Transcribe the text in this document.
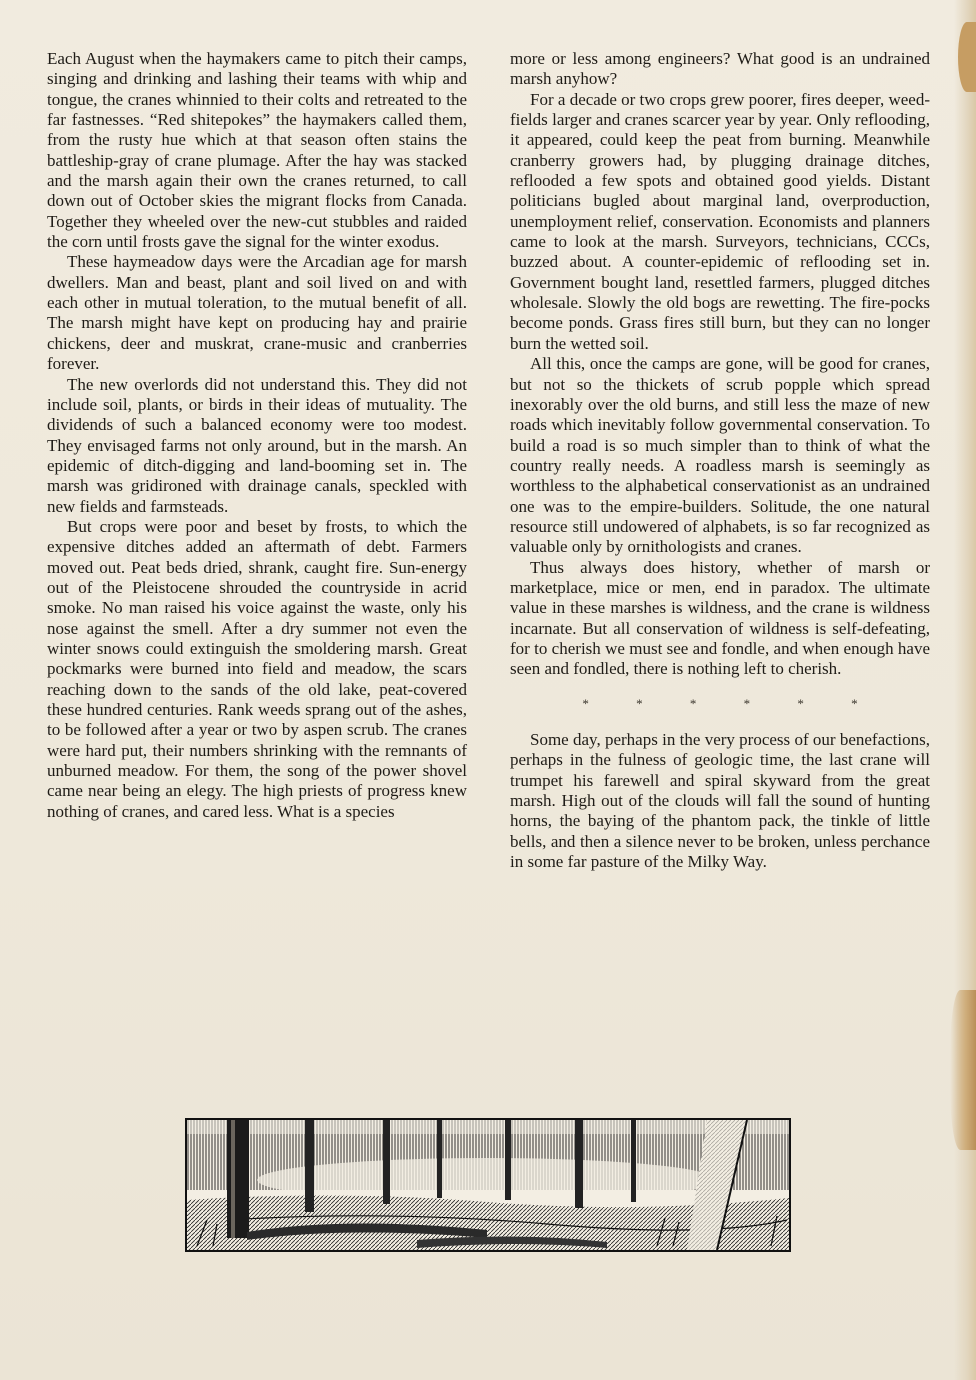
Each August when the haymakers came to pitch their camps, singing and drinking and lashing their teams with whip and tongue, the cranes whinnied to their colts and retreated to the far fastnesses. “Red shitepokes” the haymakers called them, from the rusty hue which at that season often stains the battleship-gray of crane plumage. After the hay was stacked and the marsh again their own the cranes returned, to call down out of October skies the migrant flocks from Canada. Together they wheeled over the new-cut stubbles and raided the corn until frosts gave the signal for the winter exodus.

These haymeadow days were the Arcadian age for marsh dwellers. Man and beast, plant and soil lived on and with each other in mutual toleration, to the mutual benefit of all. The marsh might have kept on producing hay and prairie chickens, deer and muskrat, crane-music and cranberries forever.

The new overlords did not understand this. They did not include soil, plants, or birds in their ideas of mutuality. The dividends of such a balanced economy were too modest. They envisaged farms not only around, but in the marsh. An epidemic of ditch-digging and land-booming set in. The marsh was gridironed with drainage canals, speckled with new fields and farmsteads.

But crops were poor and beset by frosts, to which the expensive ditches added an aftermath of debt. Farmers moved out. Peat beds dried, shrank, caught fire. Sun-energy out of the Pleistocene shrouded the countryside in acrid smoke. No man raised his voice against the waste, only his nose against the smell. After a dry summer not even the winter snows could extinguish the smoldering marsh. Great pockmarks were burned into field and meadow, the scars reaching down to the sands of the old lake, peat-covered these hundred centuries. Rank weeds sprang out of the ashes, to be followed after a year or two by aspen scrub. The cranes were hard put, their numbers shrinking with the remnants of unburned meadow. For them, the song of the power shovel came near being an elegy. The high priests of progress knew nothing of cranes, and cared less. What is a species

more or less among engineers? What good is an undrained marsh anyhow?

For a decade or two crops grew poorer, fires deeper, weed-fields larger and cranes scarcer year by year. Only reflooding, it appeared, could keep the peat from burning. Meanwhile cranberry growers had, by plugging drainage ditches, reflooded a few spots and obtained good yields. Distant politicians bugled about marginal land, overproduction, unemployment relief, conservation. Economists and planners came to look at the marsh. Surveyors, technicians, CCCs, buzzed about. A counter-epidemic of reflooding set in. Government bought land, resettled farmers, plugged ditches wholesale. Slowly the old bogs are rewetting. The fire-pocks become ponds. Grass fires still burn, but they can no longer burn the wetted soil.

All this, once the camps are gone, will be good for cranes, but not so the thickets of scrub popple which spread inexorably over the old burns, and still less the maze of new roads which inevitably follow governmental conservation. To build a road is so much simpler than to think of what the country really needs. A roadless marsh is seemingly as worthless to the alphabetical conservationist as an undrained one was to the empire-builders. Solitude, the one natural resource still undowered of alphabets, is so far recognized as valuable only by ornithologists and cranes.

Thus always does history, whether of marsh or marketplace, mice or men, end in paradox. The ultimate value in these marshes is wildness, and the crane is wildness incarnate. But all conservation of wildness is self-defeating, for to cherish we must see and fondle, and when enough have seen and fondled, there is nothing left to cherish.

* * * * * *

Some day, perhaps in the very process of our benefactions, perhaps in the fulness of geologic time, the last crane will trumpet his farewell and spiral skyward from the great marsh. High out of the clouds will fall the sound of hunting horns, the baying of the phantom pack, the tinkle of little bells, and then a silence never to be broken, unless perchance in some far pasture of the Milky Way.
